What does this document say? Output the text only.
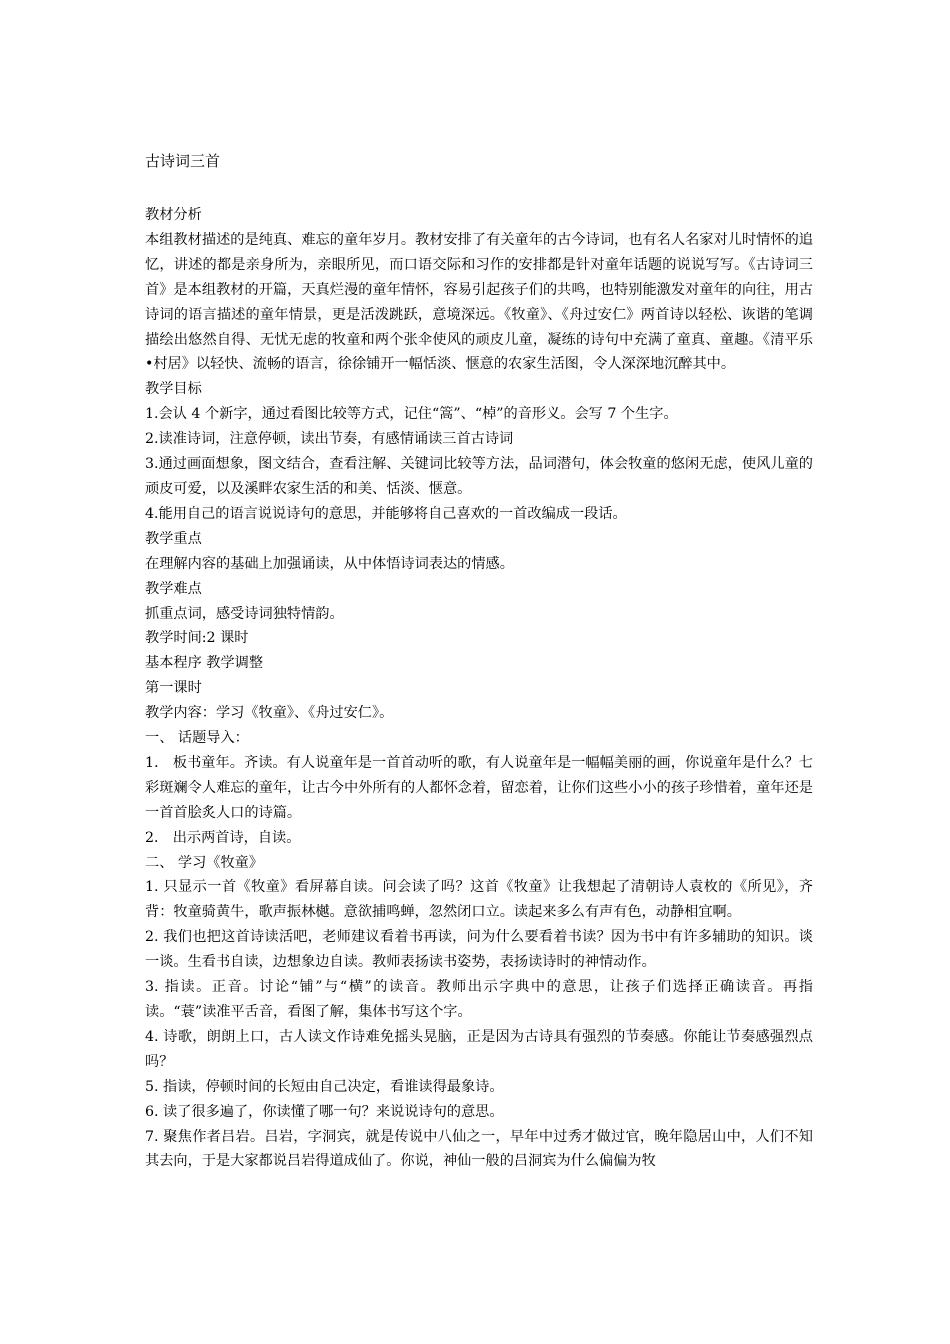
古诗词三首

教材分析

本组教材描述的是纯真、难忘的童年岁月。教材安排了有关童年的古今诗词，也有名人名家对儿时情怀的追忆，讲述的都是亲身所为，亲眼所见，而口语交际和习作的安排都是针对童年话题的说说写写。《古诗词三首》是本组教材的开篇，天真烂漫的童年情怀，容易引起孩子们的共鸣，也特别能激发对童年的向往，用古诗词的语言描述的童年情景，更是活泼跳跃，意境深远。《牧童》、《舟过安仁》两首诗以轻松、诙谐的笔调描绘出悠然自得、无忧无虑的牧童和两个张伞使风的顽皮儿童，凝练的诗句中充满了童真、童趣。《清平乐•村居》以轻快、流畅的语言，徐徐铺开一幅恬淡、惬意的农家生活图，令人深深地沉醉其中。

教学目标

1.会认 4 个新字，通过看图比较等方式，记住“篙”、“棹”的音形义。会写 7 个生字。

2.读准诗词，注意停顿，读出节奏，有感情诵读三首古诗词

3.通过画面想象，图文结合，查看注解、关键词比较等方法，品词潜句，体会牧童的悠闲无虑，使风儿童的顽皮可爱，以及溪畔农家生活的和美、恬淡、惬意。

4.能用自己的语言说说诗句的意思，并能够将自己喜欢的一首改编成一段话。

教学重点

在理解内容的基础上加强诵读，从中体悟诗词表达的情感。

教学难点

抓重点词，感受诗词独特情韵。

教学时间:2 课时

基本程序 教学调整

第一课时

教学内容：学习《牧童》、《舟过安仁》。

一、 话题导入：

1． 板书童年。齐读。有人说童年是一首首动听的歌，有人说童年是一幅幅美丽的画，你说童年是什么？七彩斑斓令人难忘的童年，让古今中外所有的人都怀念着，留恋着，让你们这些小小的孩子珍惜着，童年还是一首首脍炙人口的诗篇。

2． 出示两首诗，自读。

二、 学习《牧童》

1. 只显示一首《牧童》看屏幕自读。问会读了吗？这首《牧童》让我想起了清朝诗人袁枚的《所见》，齐背：牧童骑黄牛，歌声振林樾。意欲捕鸣蝉，忽然闭口立。读起来多么有声有色，动静相宜啊。

2. 我们也把这首诗读活吧，老师建议看着书再读，问为什么要看着书读？因为书中有许多辅助的知识。谈一谈。生看书自读，边想象边自读。教师表扬读书姿势，表扬读诗时的神情动作。

3. 指读。正音。讨论“铺”与“横”的读音。教师出示字典中的意思，让孩子们选择正确读音。再指读。“蓑”读准平舌音，看图了解，集体书写这个字。

4. 诗歌，朗朗上口，古人读文作诗难免摇头晃脑，正是因为古诗具有强烈的节奏感。你能让节奏感强烈点吗？

5. 指读，停顿时间的长短由自己决定，看谁读得最象诗。

6. 读了很多遍了，你读懂了哪一句？来说说诗句的意思。

7. 聚焦作者吕岩。吕岩，字洞宾，就是传说中八仙之一，早年中过秀才做过官，晚年隐居山中，人们不知其去向，于是大家都说吕岩得道成仙了。你说，神仙一般的吕洞宾为什么偏偏为牧
